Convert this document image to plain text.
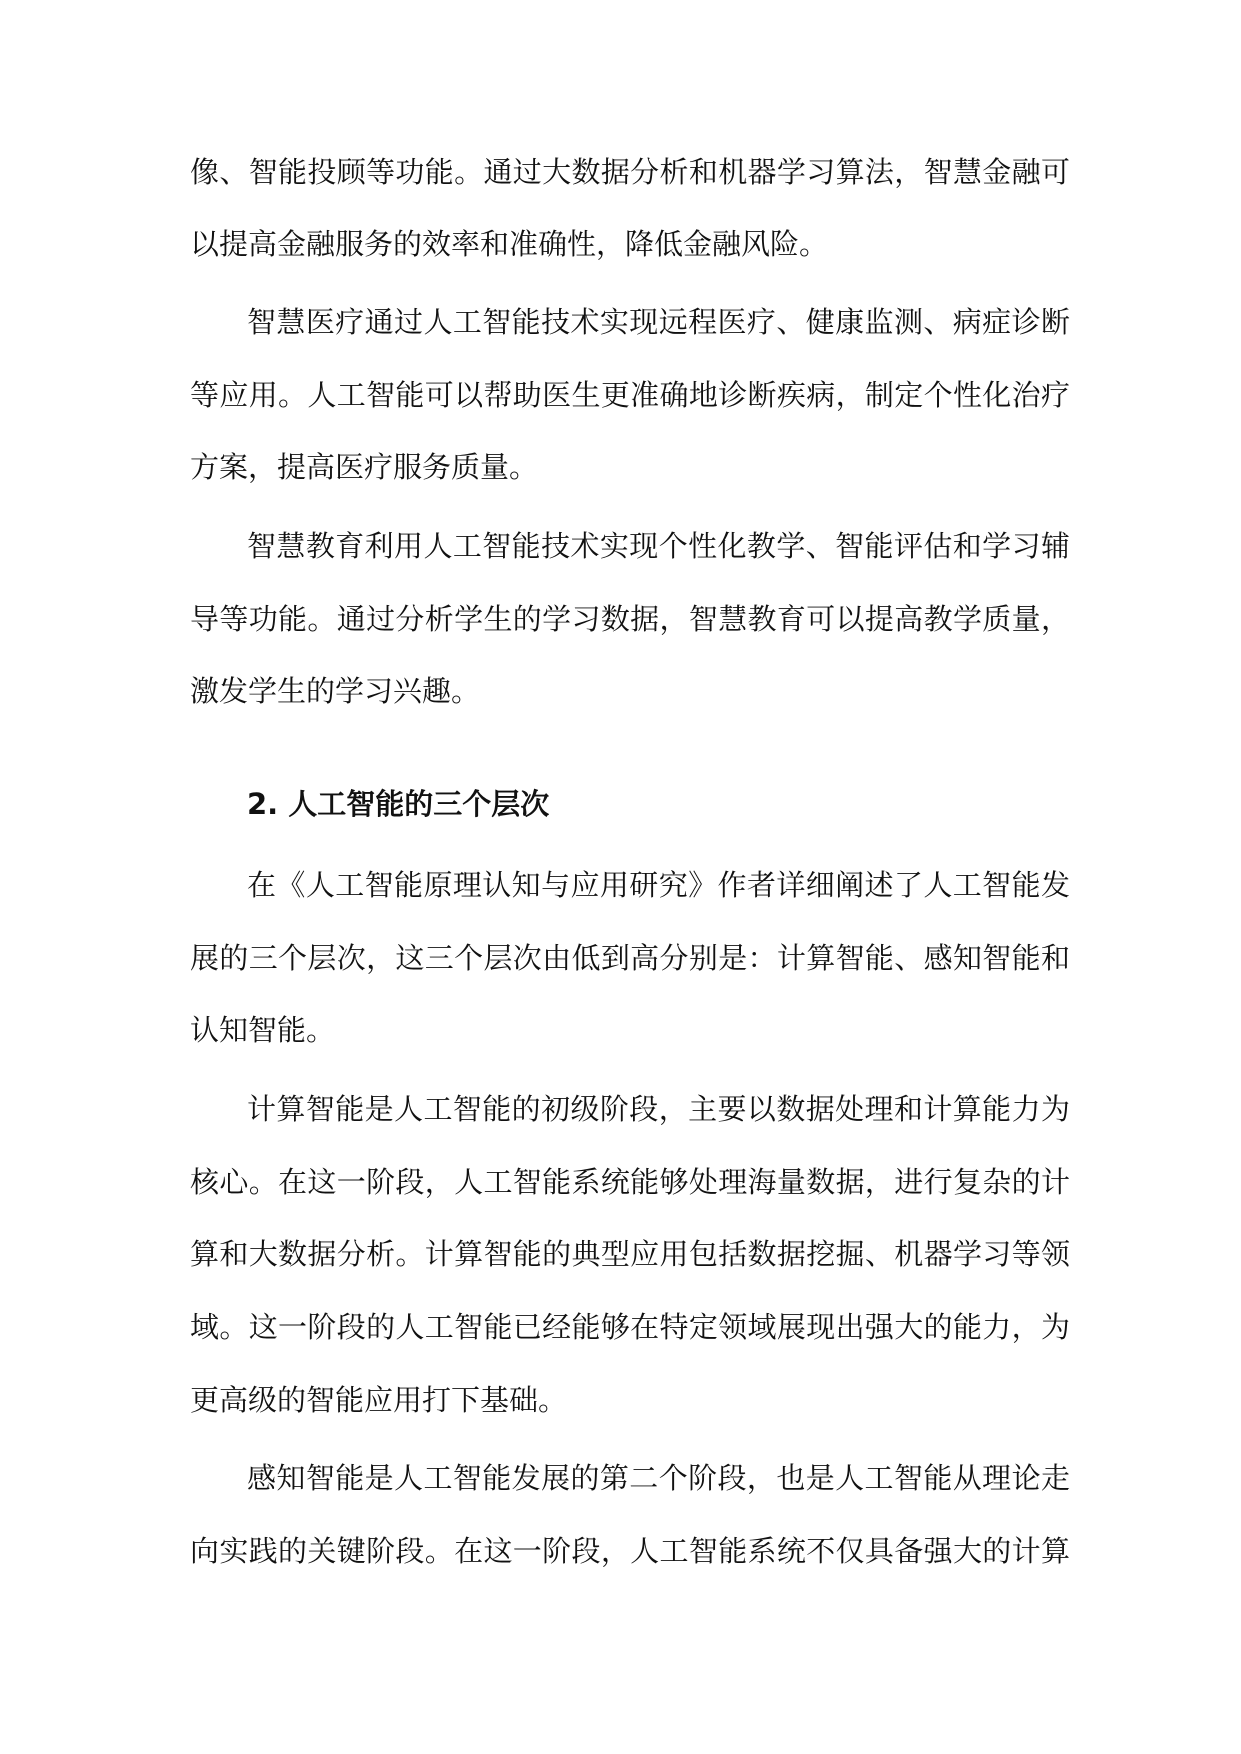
像、智能投顾等功能。通过大数据分析和机器学习算法，智慧金融可
以提高金融服务的效率和准确性，降低金融风险。
智慧医疗通过人工智能技术实现远程医疗、健康监测、病症诊断
等应用。人工智能可以帮助医生更准确地诊断疾病，制定个性化治疗
方案，提高医疗服务质量。
智慧教育利用人工智能技术实现个性化教学、智能评估和学习辅
导等功能。通过分析学生的学习数据，智慧教育可以提高教学质量，
激发学生的学习兴趣。
2. 人工智能的三个层次
在《人工智能原理认知与应用研究》作者详细阐述了人工智能发
展的三个层次，这三个层次由低到高分别是：计算智能、感知智能和
认知智能。
计算智能是人工智能的初级阶段，主要以数据处理和计算能力为
核心。在这一阶段，人工智能系统能够处理海量数据，进行复杂的计
算和大数据分析。计算智能的典型应用包括数据挖掘、机器学习等领
域。这一阶段的人工智能已经能够在特定领域展现出强大的能力，为
更高级的智能应用打下基础。
感知智能是人工智能发展的第二个阶段，也是人工智能从理论走
向实践的关键阶段。在这一阶段，人工智能系统不仅具备强大的计算
